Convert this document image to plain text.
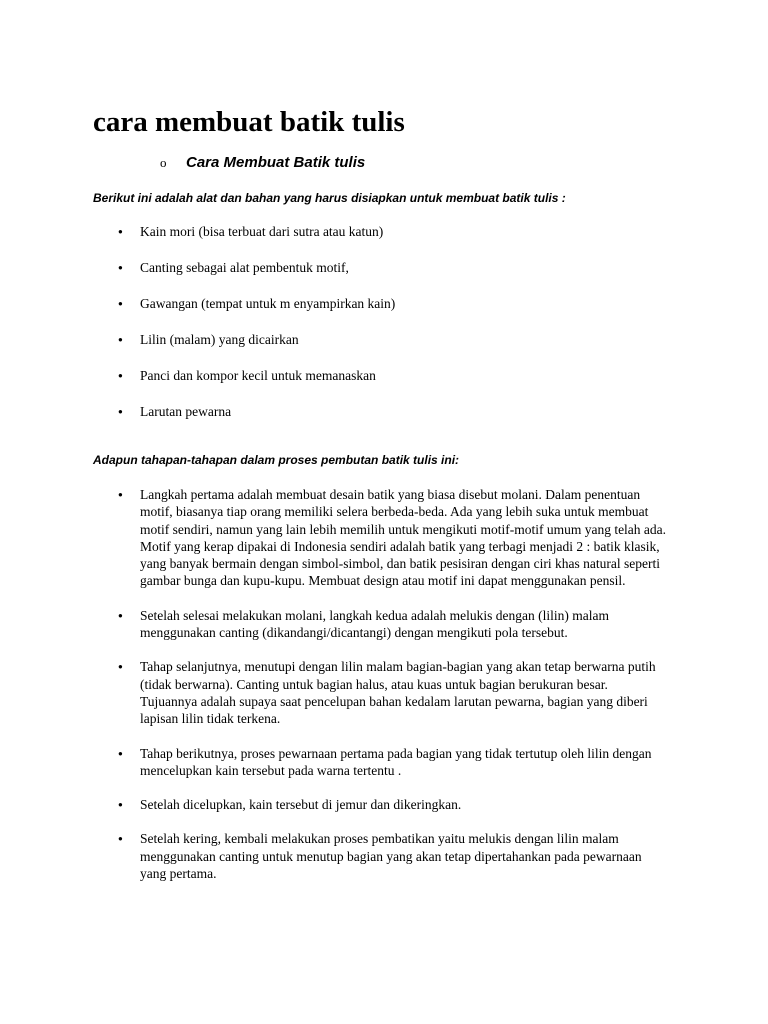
cara membuat batik tulis
o Cara Membuat Batik tulis
Berikut ini adalah alat dan bahan yang harus disiapkan untuk membuat batik tulis :
● Kain mori (bisa terbuat dari sutra atau katun)
● Canting sebagai alat pembentuk motif,
● Gawangan (tempat untuk m enyampirkan kain)
● Lilin (malam) yang dicairkan
● Panci dan kompor kecil untuk memanaskan
● Larutan pewarna
Adapun tahapan-tahapan dalam proses pembutan batik tulis ini:
● Langkah pertama adalah membuat desain batik yang biasa disebut molani. Dalam penentuan motif, biasanya tiap orang memiliki selera berbeda-beda. Ada yang lebih suka untuk membuat motif sendiri, namun yang lain lebih memilih untuk mengikuti motif-motif umum yang telah ada. Motif yang kerap dipakai di Indonesia sendiri adalah batik yang terbagi menjadi 2 : batik klasik, yang banyak bermain dengan simbol-simbol, dan batik pesisiran dengan ciri khas natural seperti gambar bunga dan kupu-kupu. Membuat design atau motif ini dapat menggunakan pensil.
● Setelah selesai melakukan molani, langkah kedua adalah melukis dengan (lilin) malam menggunakan canting (dikandangi/dicantangi) dengan mengikuti pola tersebut.
● Tahap selanjutnya, menutupi dengan lilin malam bagian-bagian yang akan tetap berwarna putih (tidak berwarna). Canting untuk bagian halus, atau kuas untuk bagian berukuran besar. Tujuannya adalah supaya saat pencelupan bahan kedalam larutan pewarna, bagian yang diberi lapisan lilin tidak terkena.
● Tahap berikutnya, proses pewarnaan pertama pada bagian yang tidak tertutup oleh lilin dengan mencelupkan kain tersebut pada warna tertentu .
● Setelah dicelupkan, kain tersebut di jemur dan dikeringkan.
● Setelah kering, kembali melakukan proses pembatikan yaitu melukis dengan lilin malam menggunakan canting untuk menutup bagian yang akan tetap dipertahankan pada pewarnaan yang pertama.
